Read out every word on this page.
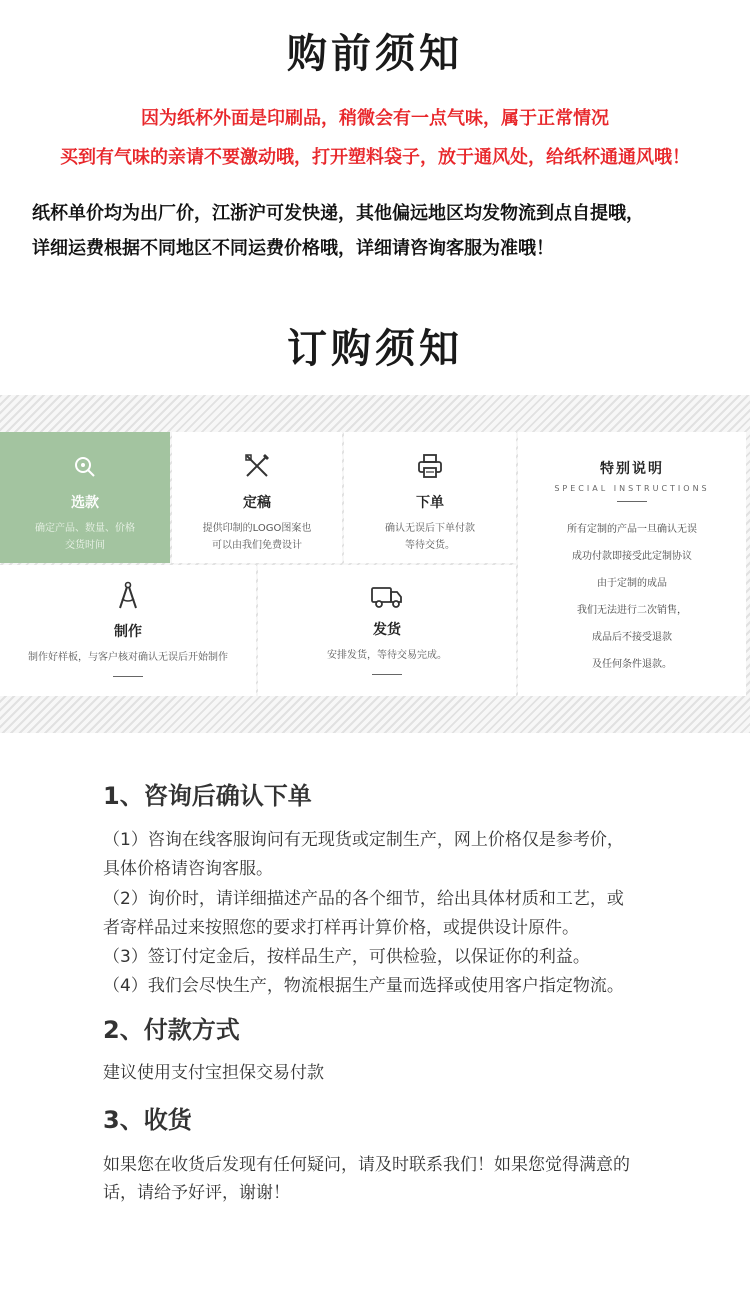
购前须知
因为纸杯外面是印刷品，稍微会有一点气味，属于正常情况
买到有气味的亲请不要激动哦，打开塑料袋子，放于通风处，给纸杯通通风哦！
纸杯单价均为出厂价，江浙沪可发快递，其他偏远地区均发物流到点自提哦，
详细运费根据不同地区不同运费价格哦，详细请咨询客服为准哦！
订购须知
选款
确定产品、数量、价格
交货时间
定稿
提供印制的LOGO图案也
可以由我们免费设计
下单
确认无误后下单付款
等待交货。
特别说明
SPECIAL INSTRUCTIONS
所有定制的产品一旦确认无误
成功付款即接受此定制协议
由于定制的成品
我们无法进行二次销售，
成品后不接受退款
及任何条件退款。
制作
制作好样板，与客户核对确认无误后开始制作
发货
安排发货，等待交易完成。
1、咨询后确认下单
（1）咨询在线客服询问有无现货或定制生产，网上价格仅是参考价，
具体价格请咨询客服。
（2）询价时，请详细描述产品的各个细节，给出具体材质和工艺，或
者寄样品过来按照您的要求打样再计算价格，或提供设计原件。
（3）签订付定金后，按样品生产，可供检验，以保证你的利益。
（4）我们会尽快生产，物流根据生产量而选择或使用客户指定物流。
2、付款方式
建议使用支付宝担保交易付款
3、收货
如果您在收货后发现有任何疑问，请及时联系我们！如果您觉得满意的
话，请给予好评，谢谢！
